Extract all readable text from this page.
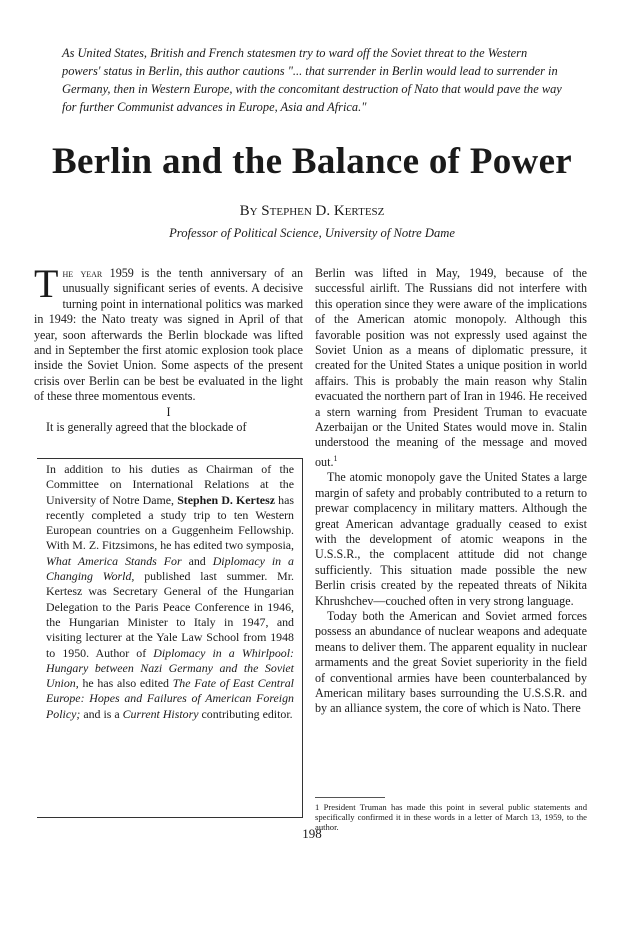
As United States, British and French statesmen try to ward off the Soviet threat to the Western powers' status in Berlin, this author cautions "... that surrender in Berlin would lead to surrender in Germany, then in Western Europe, with the concomitant destruction of Nato that would pave the way for further Communist advances in Europe, Asia and Africa."
Berlin and the Balance of Power
By Stephen D. Kertesz
Professor of Political Science, University of Notre Dame

The year 1959 is the tenth anniversary of an unusually significant series of events. A decisive turning point in international politics was marked in 1949: the Nato treaty was signed in April of that year, soon afterwards the Berlin blockade was lifted and in September the first atomic explosion took place inside the Soviet Union. Some aspects of the present crisis over Berlin can be best be evaluated in the light of these three momentous events.

I

It is generally agreed that the blockade of

In addition to his duties as Chairman of the Committee on International Relations at the University of Notre Dame, Stephen D. Kertesz has recently completed a study trip to ten Western European countries on a Guggenheim Fellowship. With M. Z. Fitzsimons, he has edited two symposia, What America Stands For and Diplomacy in a Changing World, published last summer. Mr. Kertesz was Secretary General of the Hungarian Delegation to the Paris Peace Conference in 1946, the Hungarian Minister to Italy in 1947, and visiting lecturer at the Yale Law School from 1948 to 1950. Author of Diplomacy in a Whirlpool: Hungary between Nazi Germany and the Soviet Union, he has also edited The Fate of East Central Europe: Hopes and Failures of American Foreign Policy; and is a Current History contributing editor.

Berlin was lifted in May, 1949, because of the successful airlift. The Russians did not interfere with this operation since they were aware of the implications of the American atomic monopoly. Although this favorable position was not expressly used against the Soviet Union as a means of diplomatic pressure, it created for the United States a unique position in world affairs. This is probably the main reason why Stalin evacuated the northern part of Iran in 1946. He received a stern warning from President Truman to evacuate Azerbaijan or the United States would move in. Stalin understood the meaning of the message and moved out.$^1$

The atomic monopoly gave the United States a large margin of safety and probably contributed to a return to prewar complacency in military matters. Although the great American advantage gradually ceased to exist with the development of atomic weapons in the U.S.S.R., the complacent attitude did not change sufficiently. This situation made possible the new Berlin crisis created by the repeated threats of Nikita Khrushchev—couched often in very strong language.

Today both the American and Soviet armed forces possess an abundance of nuclear weapons and adequate means to deliver them. The apparent equality in nuclear armaments and the great Soviet superiority in the field of conventional armies have been counterbalanced by American military bases surrounding the U.S.S.R. and by an alliance system, the core of which is Nato. There

1 President Truman has made this point in several public statements and specifically confirmed it in these words in a letter of March 13, 1959, to the author.
198
